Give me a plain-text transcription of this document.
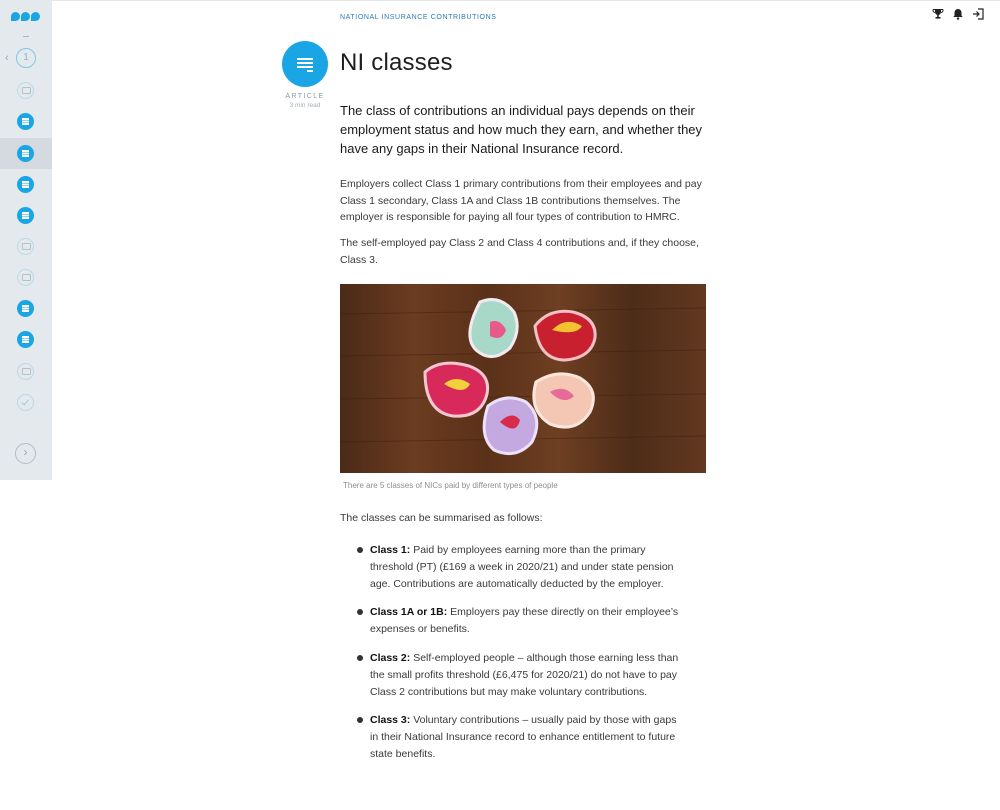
‹	1
›
ARTICLE
3 min read
NATIONAL INSURANCE CONTRIBUTIONS
NI classes

The class of contributions an individual pays depends on their employment status and how much they earn, and whether they have any gaps in their National Insurance record.

Employers collect Class 1 primary contributions from their employees and pay Class 1 secondary, Class 1A and Class 1B contributions themselves. The employer is responsible for paying all four types of contribution to HMRC.

The self-employed pay Class 2 and Class 4 contributions and, if they choose, Class 3.

There are 5 classes of NICs paid by different types of people

The classes can be summarised as follows:

Class 1: Paid by employees earning more than the primary threshold (PT) (£169 a week in 2020/21) and under state pension age. Contributions are automatically deducted by the employer.
Class 1A or 1B: Employers pay these directly on their employee’s expenses or benefits.
Class 2: Self-employed people – although those earning less than the small profits threshold (£6,475 for 2020/21) do not have to pay Class 2 contributions but may make voluntary contributions.
Class 3: Voluntary contributions – usually paid by those with gaps in their National Insurance record to enhance entitlement to future state benefits.
